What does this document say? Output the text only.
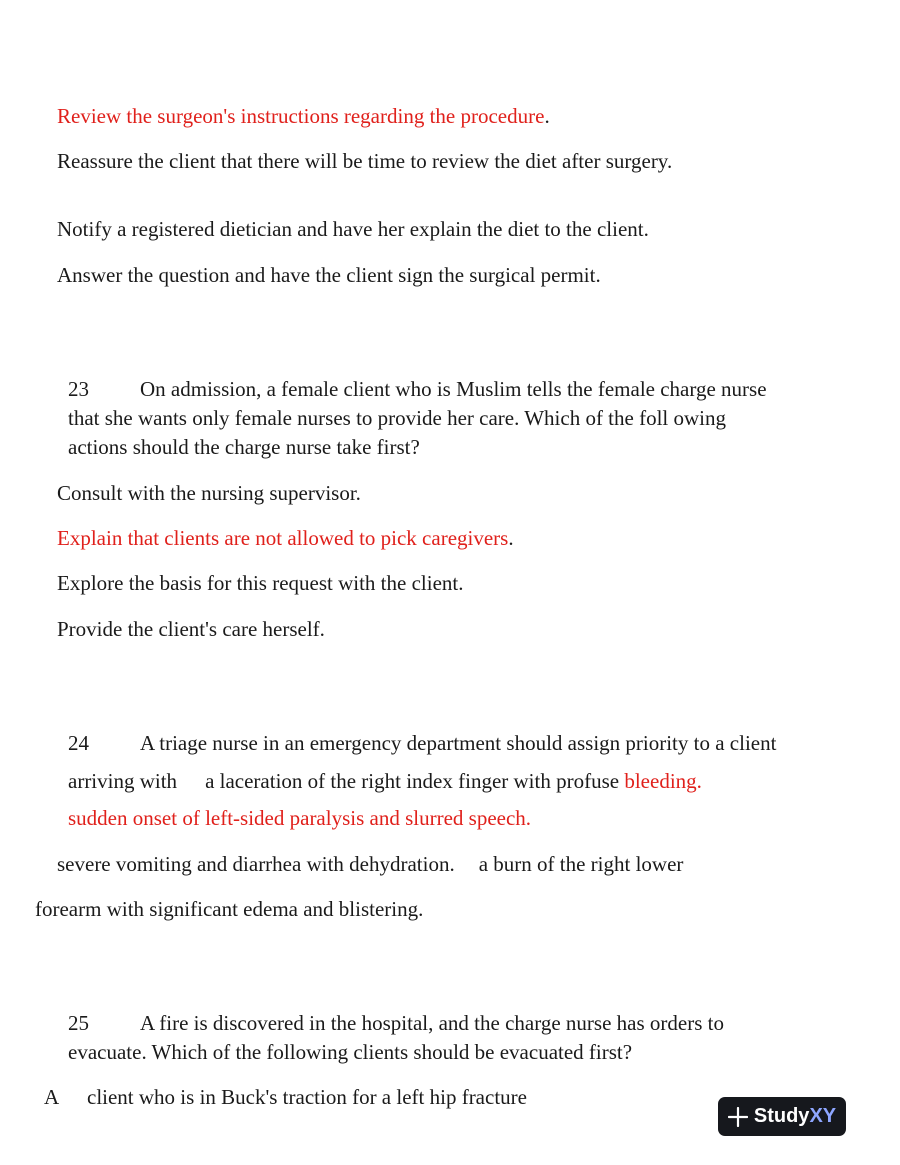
Review the surgeon's instructions regarding the procedure.
Reassure the client that there will be time to review the diet after surgery.
Notify a registered dietician and have her explain the diet to the client.
Answer the question and have the client sign the surgical permit.
23 On admission, a female client who is Muslim tells the female charge nurse
that she wants only female nurses to provide her care. Which of the foll owing
actions should the charge nurse take first?
Consult with the nursing supervisor.
Explain that clients are not allowed to pick caregivers.
Explore the basis for this request with the client.
Provide the client's care herself.
24 A triage nurse in an emergency department should assign priority to a client
arriving with a laceration of the right index finger with profuse bleeding.
sudden onset of left-sided paralysis and slurred speech.
severe vomiting and diarrhea with dehydration. a burn of the right lower
forearm with significant edema and blistering.
25 A fire is discovered in the hospital, and the charge nurse has orders to
evacuate. Which of the following clients should be evacuated first?
A client who is in Buck's traction for a left hip fracture
Study XY
